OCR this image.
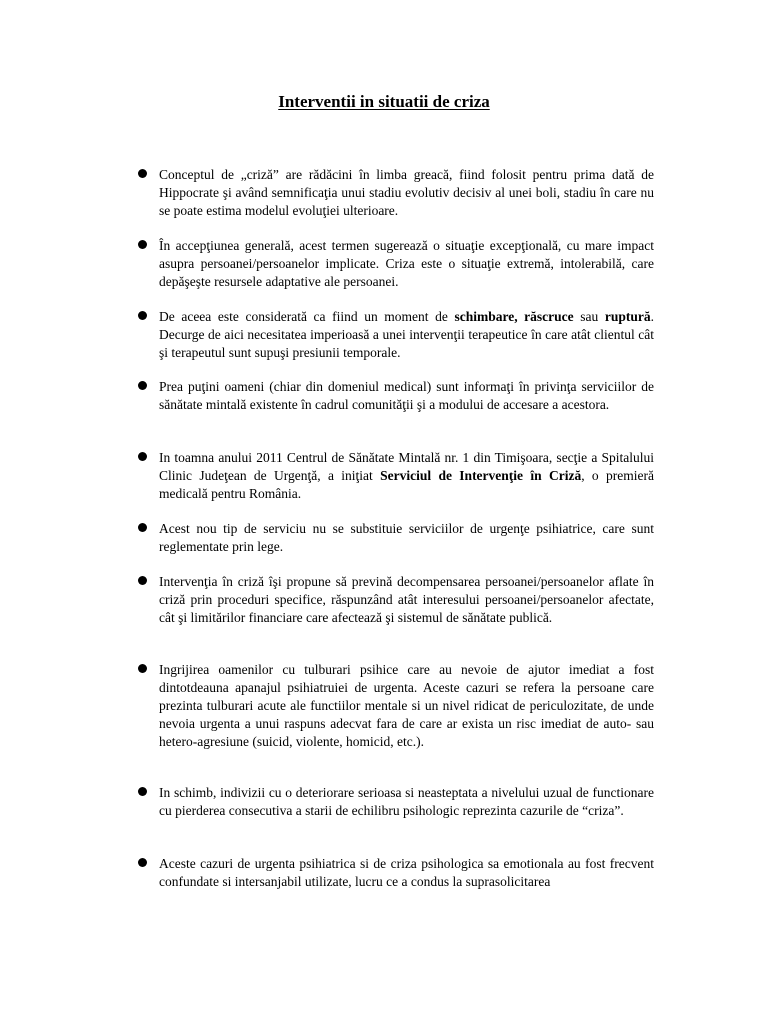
Interventii in situatii de criza
Conceptul de „criză” are rădăcini în limba greacă, fiind folosit pentru prima dată de Hippocrate şi având semnificaţia unui stadiu evolutiv decisiv al unei boli, stadiu în care nu se poate estima modelul evoluţiei ulterioare.
În accepţiunea generală, acest termen sugerează o situaţie excepţională, cu mare impact asupra persoanei/persoanelor implicate. Criza este o situaţie extremă, intolerabilă, care depăşeşte resursele adaptative ale persoanei.
De aceea este considerată ca fiind un moment de schimbare, răscruce sau ruptură. Decurge de aici necesitatea imperioasă a unei intervenţii terapeutice în care atât clientul cât şi terapeutul sunt supuşi presiunii temporale.
Prea puţini oameni (chiar din domeniul medical) sunt informaţi în privinţa serviciilor de sănătate mintală existente în cadrul comunităţii şi a modului de accesare a acestora.
In toamna anului 2011 Centrul de Sănătate Mintală nr. 1 din Timişoara, secţie a Spitalului Clinic Judeţean de Urgenţă, a iniţiat Serviciul de Intervenţie în Criză, o premieră medicală pentru România.
Acest nou tip de serviciu nu se substituie serviciilor de urgenţe psihiatrice, care sunt reglementate prin lege.
Intervenţia în criză îşi propune să prevină decompensarea persoanei/persoanelor aflate în criză prin proceduri specifice, răspunzând atât interesului persoanei/persoanelor afectate, cât şi limitărilor financiare care afectează şi sistemul de sănătate publică.
Ingrijirea oamenilor cu tulburari psihice care au nevoie de ajutor imediat a fost dintotdeauna apanajul psihiatruiei de urgenta. Aceste cazuri se refera la persoane care prezinta tulburari acute ale functiilor mentale si un nivel ridicat de periculozitate, de unde nevoia urgenta a unui raspuns adecvat fara de care ar exista un risc imediat de auto- sau hetero-agresiune (suicid, violente, homicid, etc.).
In schimb, indivizii cu o deteriorare serioasa si neasteptata a nivelului uzual de functionare cu pierderea consecutiva a starii de echilibru psihologic reprezinta cazurile de “criza”.
Aceste cazuri de urgenta psihiatrica si de criza psihologica sa emotionala au fost frecvent confundate si intersanjabil utilizate, lucru ce a condus la suprasolicitarea
